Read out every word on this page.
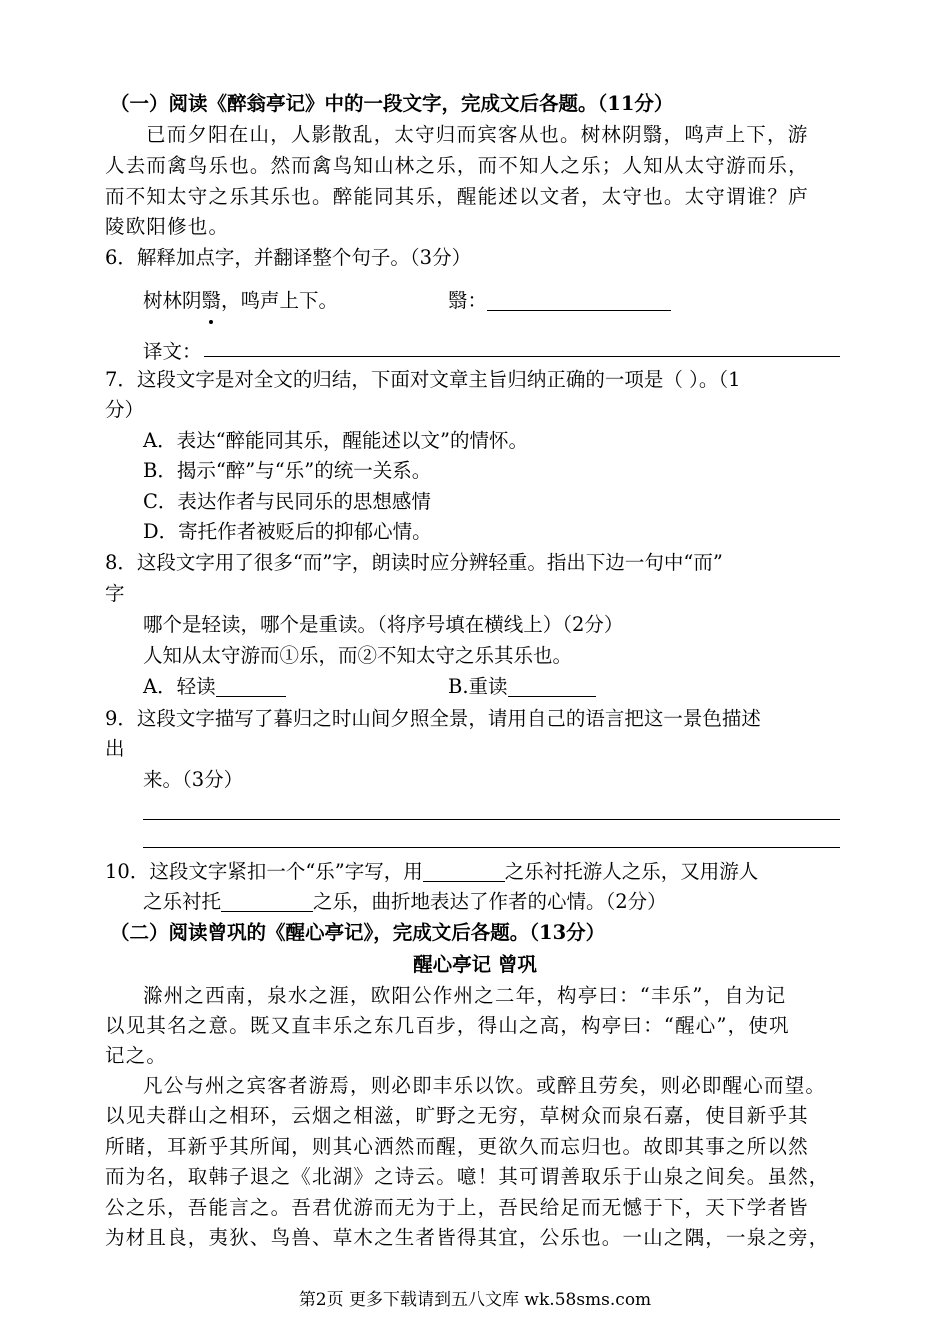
（一）阅读《醉翁亭记》中的一段文字，完成文后各题。（11分）
已而夕阳在山，人影散乱，太守归而宾客从也。树林阴翳，鸣声上下，游
人去而禽鸟乐也。然而禽鸟知山林之乐，而不知人之乐；人知从太守游而乐，
而不知太守之乐其乐也。醉能同其乐，醒能述以文者，太守也。太守谓谁？庐
陵欧阳修也。
6．解释加点字，并翻译整个句子。（3分）
树林阴翳，鸣声上下。	翳：
译文：
7．这段文字是对全文的归结，下面对文章主旨归纳正确的一项是（ ）。（1
分）
A．表达“醉能同其乐，醒能述以文”的情怀。
B．揭示“醉”与“乐”的统一关系。
C．表达作者与民同乐的思想感情
D．寄托作者被贬后的抑郁心情。
8．这段文字用了很多“而”字，朗读时应分辨轻重。指出下边一句中“而”
字
哪个是轻读，哪个是重读。（将序号填在横线上）（2分）
人知从太守游而①乐，而②不知太守之乐其乐也。
A．轻读	B.重读
9．这段文字描写了暮归之时山间夕照全景，请用自己的语言把这一景色描述
出
来。（3分）
10．这段文字紧扣一个“乐”字写，用	之乐衬托游人之乐，又用游人
之乐衬托	之乐，曲折地表达了作者的心情。（2分）
（二）阅读曾巩的《醒心亭记》，完成文后各题。（13分）
醒心亭记 曾巩
滁州之西南，泉水之涯，欧阳公作州之二年，构亭曰：“丰乐”，自为记
以见其名之意。既又直丰乐之东几百步，得山之高，构亭曰：“醒心”，使巩
记之。
凡公与州之宾客者游焉，则必即丰乐以饮。或醉且劳矣，则必即醒心而望。
以见夫群山之相环，云烟之相滋，旷野之无穷，草树众而泉石嘉，使目新乎其
所睹，耳新乎其所闻，则其心洒然而醒，更欲久而忘归也。故即其事之所以然
而为名，取韩子退之《北湖》之诗云。噫！其可谓善取乐于山泉之间矣。虽然，
公之乐，吾能言之。吾君优游而无为于上，吾民给足而无憾于下，天下学者皆
为材且良，夷狄、鸟兽、草木之生者皆得其宜，公乐也。一山之隅，一泉之旁，
第2页 更多下载请到五八文库 wk.58sms.com
